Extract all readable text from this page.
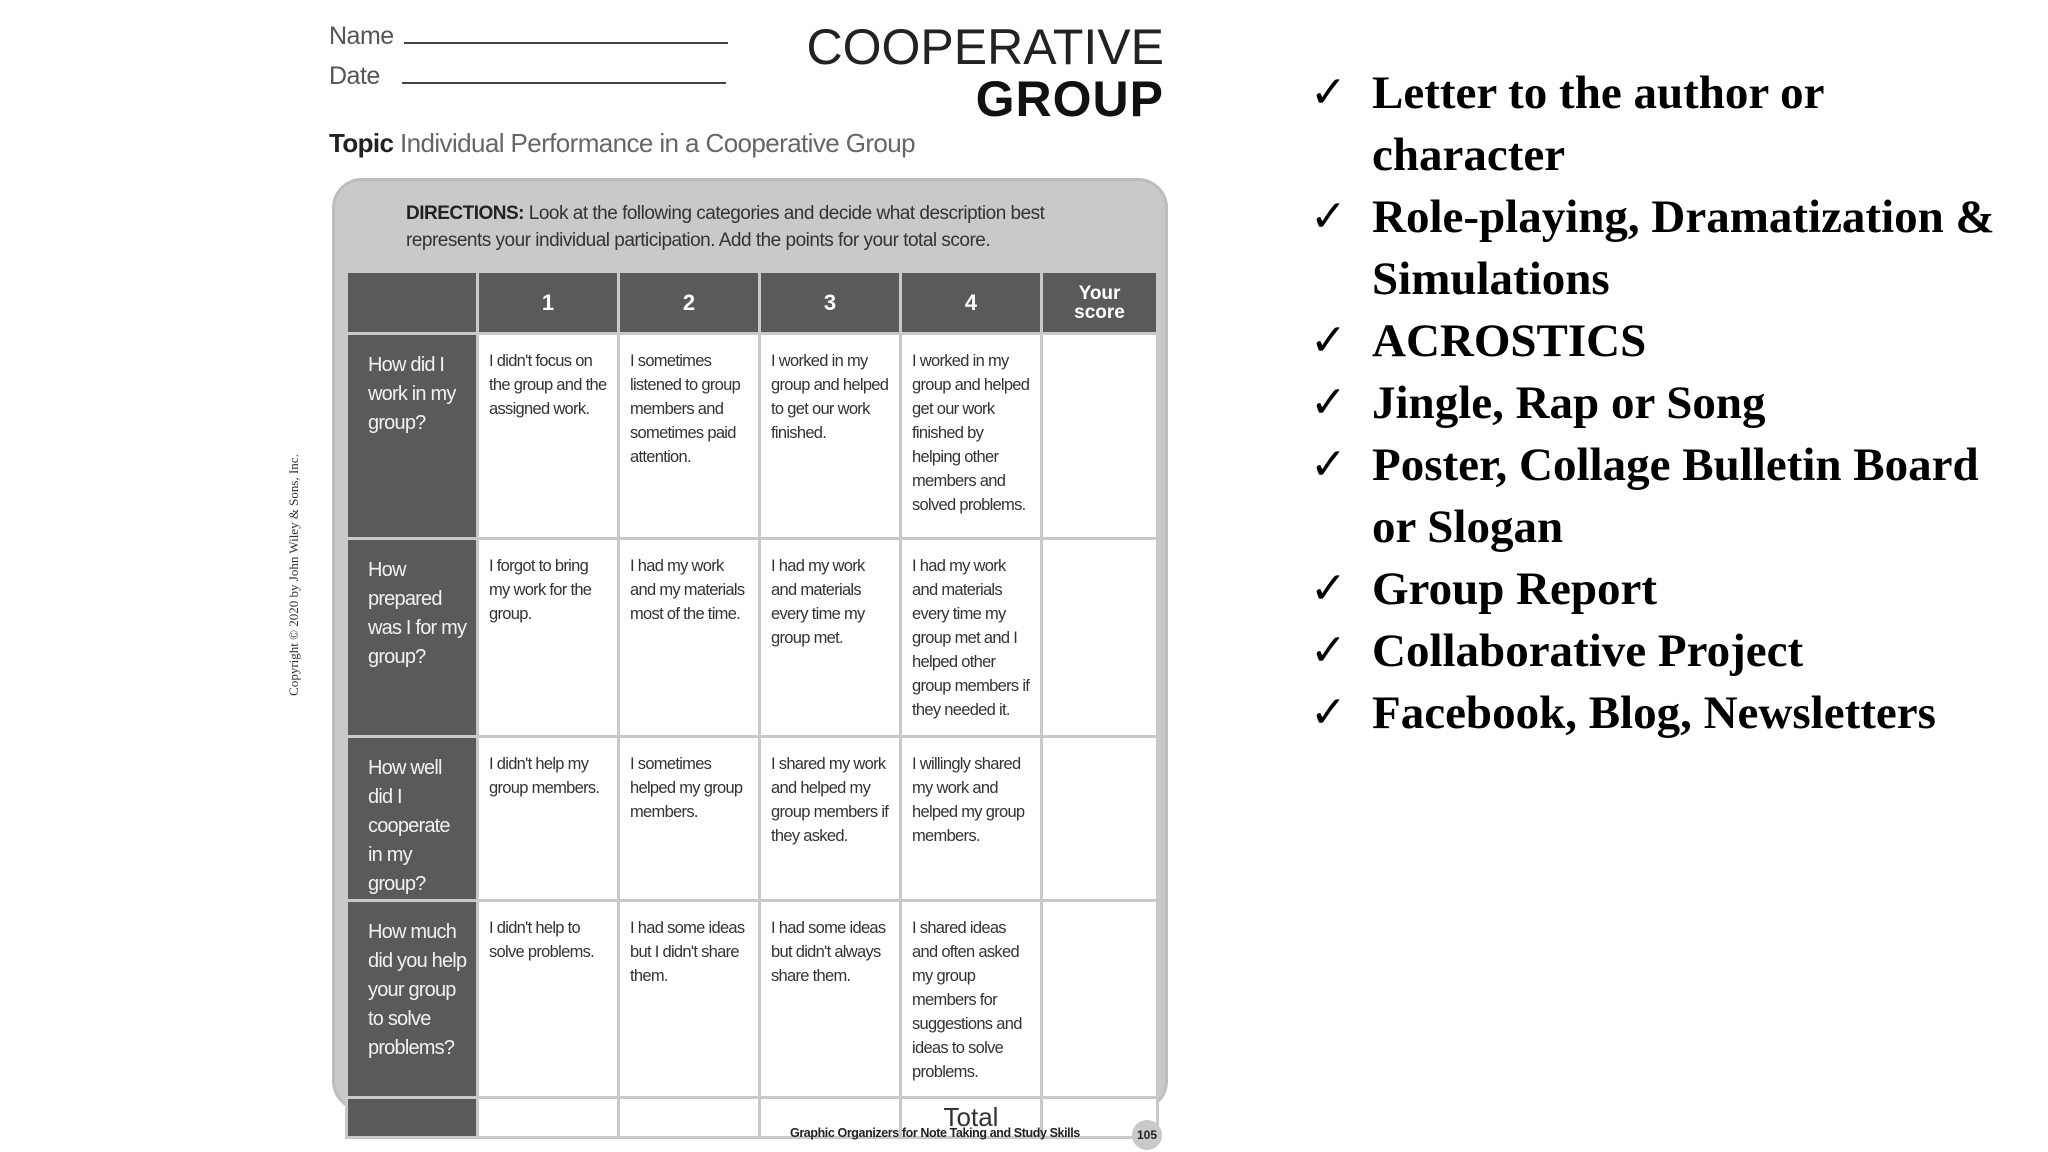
Name
Date
COOPERATIVE
GROUP
Topic Individual Performance in a Cooperative Group
DIRECTIONS: Look at the following categories and decide what description best represents your individual participation. Add the points for your total score.
	1	2	3	4	Your
score
How did I work in my group?	I didn't focus on the group and the assigned work.	I sometimes listened to group members and sometimes paid attention.	I worked in my group and helped to get our work finished.	I worked in my group and helped get our work finished by helping other members and solved problems.	
How prepared was I for my group?	I forgot to bring my work for the group.	I had my work and my materials most of the time.	I had my work and materials every time my group met.	I had my work and materials every time my group met and I helped other group members if they needed it.	
How well did I cooperate in my group?	I didn't help my group members.	I sometimes helped my group members.	I shared my work and helped my group members if they asked.	I willingly shared my work and helped my group members.	
How much did you help your group to solve problems?	I didn't help to solve problems.	I had some ideas but I didn't share them.	I had some ideas but didn't always share them.	I shared ideas and often asked my group members for suggestions and ideas to solve problems.	
				Total	
Copyright © 2020 by John Wiley & Sons, Inc.
Graphic Organizers for Note Taking and Study Skills	105
✓ Letter to the author or character
✓ Role-playing, Dramatization & Simulations
✓ ACROSTICS
✓ Jingle, Rap or Song
✓ Poster, Collage Bulletin Board or Slogan
✓ Group Report
✓ Collaborative Project
✓ Facebook, Blog, Newsletters
